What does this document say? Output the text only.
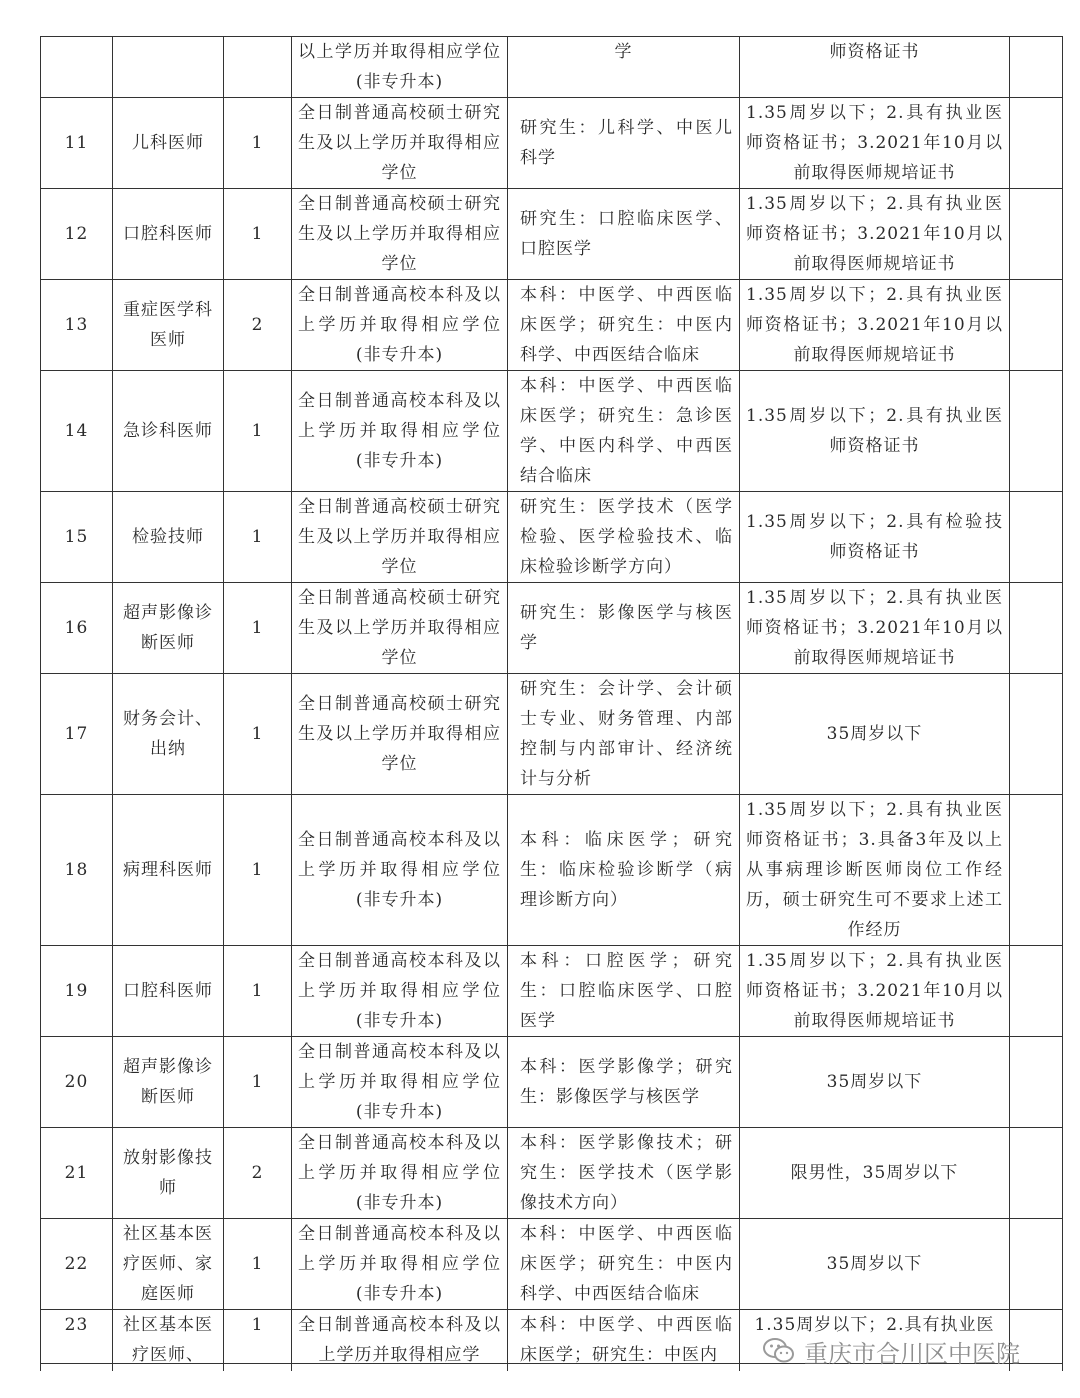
			以上学历并取得相应学位(非专升本)	学	师资格证书	
11	儿科医师	1	全日制普通高校硕士研究生及以上学历并取得相应学位	研究生：儿科学、中医儿科学	1.35周岁以下；2.具有执业医师资格证书；3.2021年10月以前取得医师规培证书	
12	口腔科医师	1	全日制普通高校硕士研究生及以上学历并取得相应学位	研究生：口腔临床医学、口腔医学	1.35周岁以下；2.具有执业医师资格证书；3.2021年10月以前取得医师规培证书	
13	重症医学科医师	2	全日制普通高校本科及以上学历并取得相应学位(非专升本)	本科：中医学、中西医临床医学；研究生：中医内科学、中西医结合临床	1.35周岁以下；2.具有执业医师资格证书；3.2021年10月以前取得医师规培证书	
14	急诊科医师	1	全日制普通高校本科及以上学历并取得相应学位(非专升本)	本科：中医学、中西医临床医学；研究生：急诊医学、中医内科学、中西医结合临床	1.35周岁以下；2.具有执业医师资格证书	
15	检验技师	1	全日制普通高校硕士研究生及以上学历并取得相应学位	研究生：医学技术（医学检验、医学检验技术、临床检验诊断学方向）	1.35周岁以下；2.具有检验技师资格证书	
16	超声影像诊断医师	1	全日制普通高校硕士研究生及以上学历并取得相应学位	研究生：影像医学与核医学	1.35周岁以下；2.具有执业医师资格证书；3.2021年10月以前取得医师规培证书	
17	财务会计、出纳	1	全日制普通高校硕士研究生及以上学历并取得相应学位	研究生：会计学、会计硕士专业、财务管理、内部控制与内部审计、经济统计与分析	35周岁以下	
18	病理科医师	1	全日制普通高校本科及以上学历并取得相应学位(非专升本)	本科：临床医学；研究生：临床检验诊断学（病理诊断方向）	1.35周岁以下；2.具有执业医师资格证书；3.具备3年及以上从事病理诊断医师岗位工作经历，硕士研究生可不要求上述工作经历	
19	口腔科医师	1	全日制普通高校本科及以上学历并取得相应学位(非专升本)	本科：口腔医学；研究生：口腔临床医学、口腔医学	1.35周岁以下；2.具有执业医师资格证书；3.2021年10月以前取得医师规培证书	
20	超声影像诊断医师	1	全日制普通高校本科及以上学历并取得相应学位(非专升本)	本科：医学影像学；研究生：影像医学与核医学	35周岁以下	
21	放射影像技师	2	全日制普通高校本科及以上学历并取得相应学位(非专升本)	本科：医学影像技术；研究生：医学技术（医学影像技术方向）	限男性，35周岁以下	
22	社区基本医疗医师、家庭医师	1	全日制普通高校本科及以上学历并取得相应学位(非专升本)	本科：中医学、中西医临床医学；研究生：中医内科学、中西医结合临床	35周岁以下	
23	社区基本医疗医师、	1	全日制普通高校本科及以上学历并取得相应学	本科：中医学、中西医临床医学；研究生：中医内	1.35周岁以下；2.具有执业医	
重庆市合川区中医院
